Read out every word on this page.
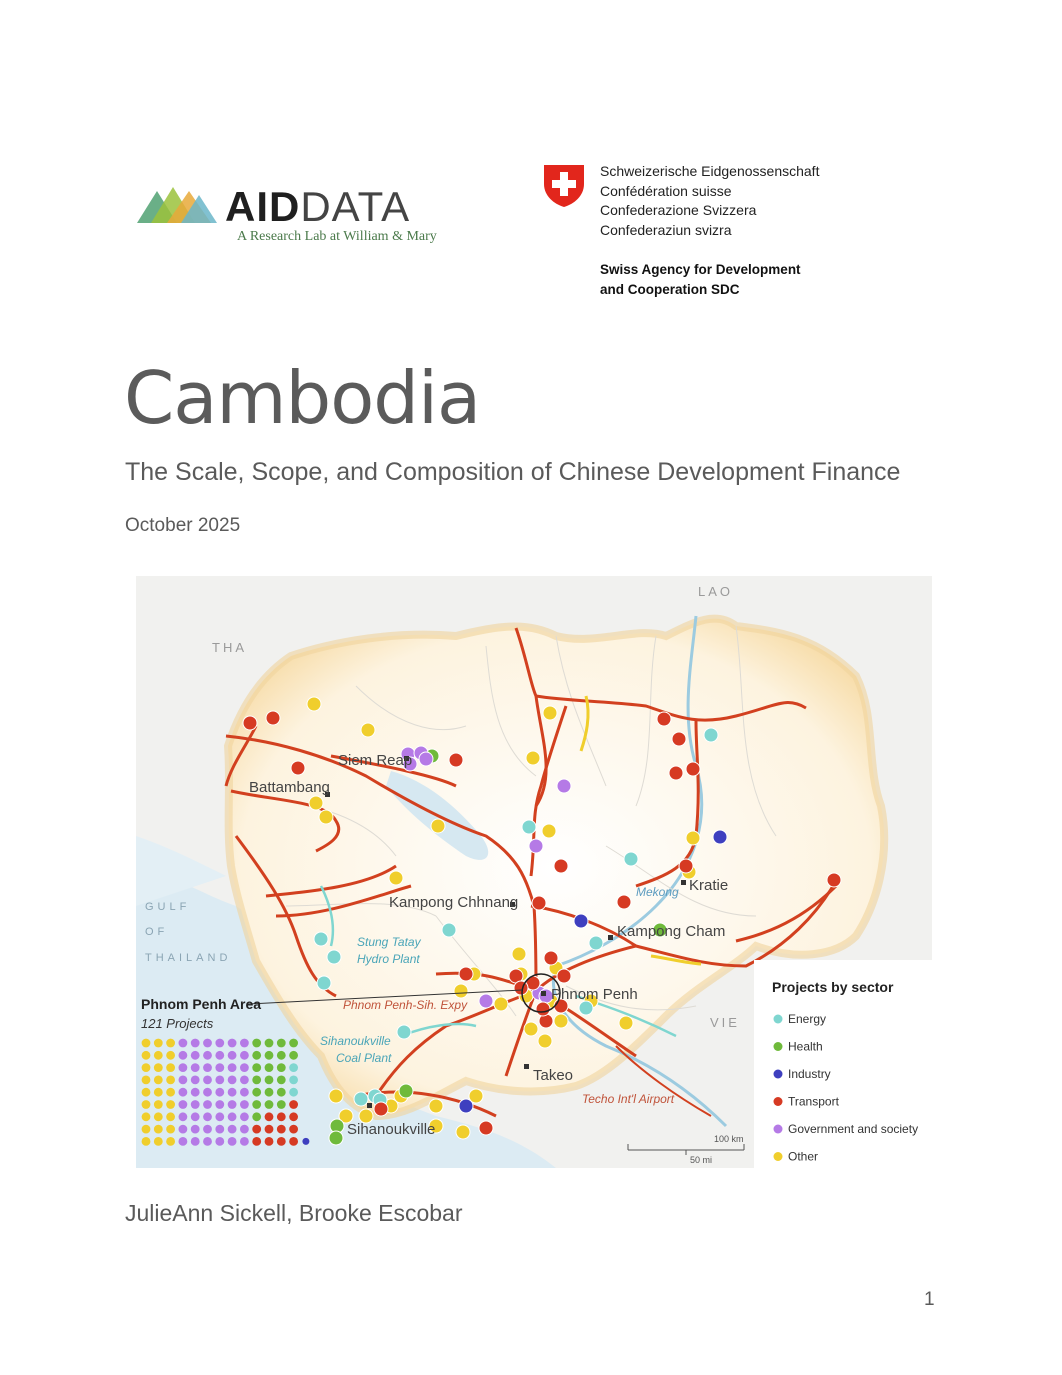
AIDDATA
A Research Lab at William & Mary
Schweizerische Eidgenossenschaft
Confédération suisse
Confederazione Svizzera
Confederaziun svizra
Swiss Agency for Development
and Cooperation SDC
Cambodia
The Scale, Scope, and Composition of Chinese Development Finance
October 2025
THA
LAO
VIE
GULF
OF
THAILAND
Siem Reap
Battambang
Kratie
Kampong Chhnang
Kampong Cham
Phnom Penh
Takeo
Sihanoukville
Mekong
Stung Tatay
Hydro Plant
Sihanoukville
Coal Plant
Phnom Penh-Sih. Expy
Techo Int'l Airport
Phnom Penh Area
121 Projects
Projects by sector
Energy
Health
Industry
Transport
Government and society
Other
100 km
50 mi
JulieAnn Sickell, Brooke Escobar
1
